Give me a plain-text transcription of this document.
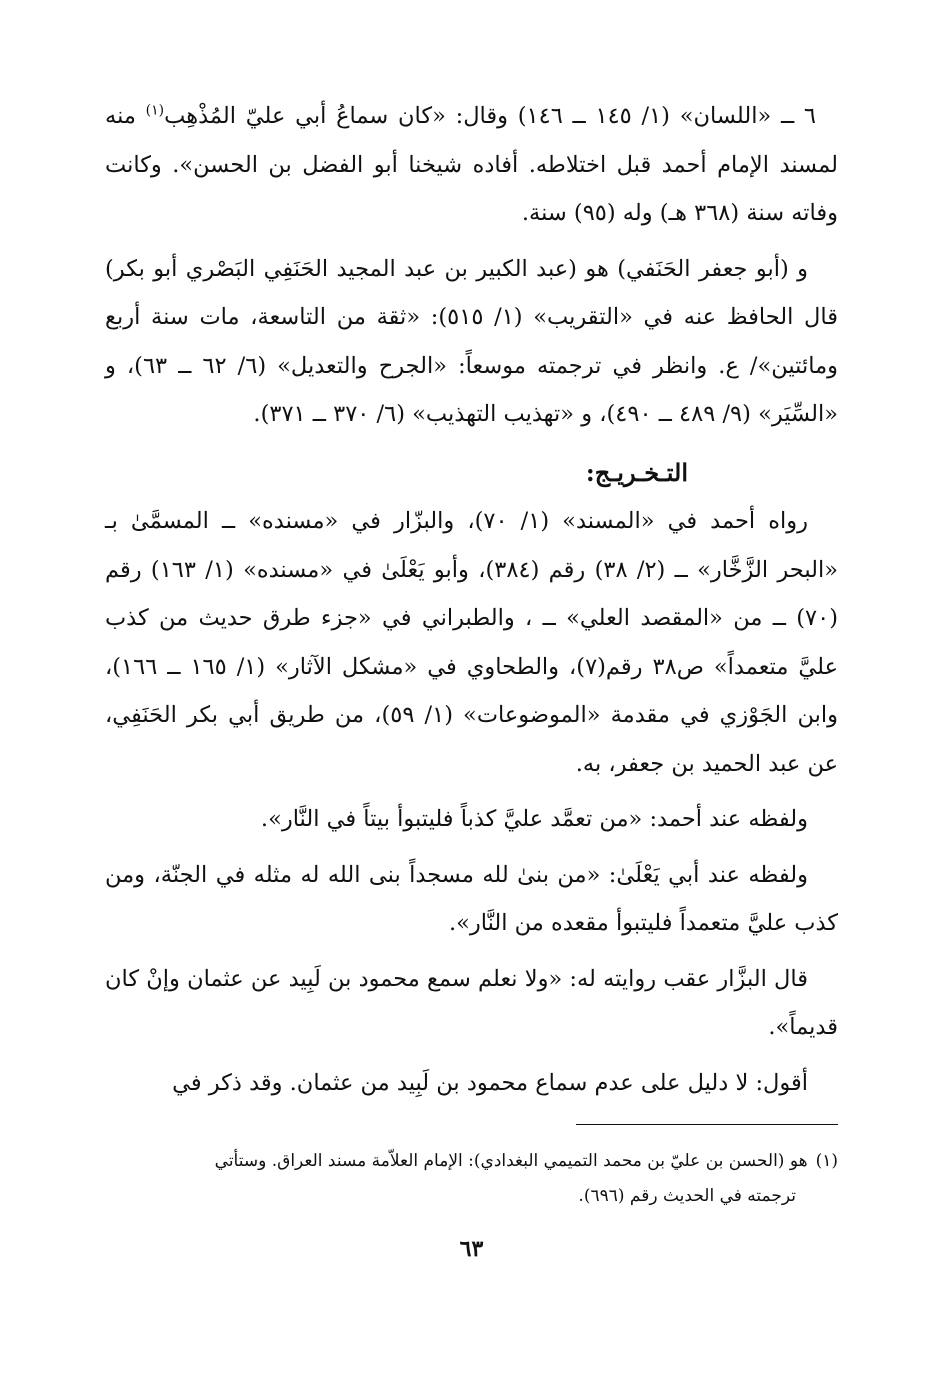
٦ ــ «اللسان» (١/ ١٤٥ ــ ١٤٦) وقال: «كان سماعُ أبي عليّ المُذْهِب$^{(١)}$ منه لمسند الإمام أحمد قبل اختلاطه. أفاده شيخنا أبو الفضل بن الحسن». وكانت وفاته سنة (٣٦٨ هـ) وله (٩٥) سنة.

و (أبو جعفر الحَنَفي) هو (عبد الكبير بن عبد المجيد الحَنَفِي البَصْري أبو بكر) قال الحافظ عنه في «التقريب» (١/ ٥١٥): «ثقة من التاسعة، مات سنة أربع ومائتين»/ ع. وانظر في ترجمته موسعاً: «الجرح والتعديل» (٦/ ٦٢ ــ ٦٣)، و «السِّيَر» (٩/ ٤٨٩ ــ ٤٩٠)، و «تهذيب التهذيب» (٦/ ٣٧٠ ــ ٣٧١).

التـخـريـج:

رواه أحمد في «المسند» (١/ ٧٠)، والبزّار في «مسنده» ــ المسمَّىٰ بـ «البحر الزَّخَّار» ــ (٢/ ٣٨) رقم (٣٨٤)، وأبو يَعْلَىٰ في «مسنده» (١/ ١٦٣) رقم (٧٠) ــ من «المقصد العلي» ــ ، والطبراني في «جزء طرق حديث من كذب عليَّ متعمداً» ص٣٨ رقم(٧)، والطحاوي في «مشكل الآثار» (١/ ١٦٥ ــ ١٦٦)، وابن الجَوْزي في مقدمة «الموضوعات» (١/ ٥٩)، من طريق أبي بكر الحَنَفِي، عن عبد الحميد بن جعفر، به.

ولفظه عند أحمد: «من تعمَّد عليَّ كذباً فليتبوأ بيتاً في النَّار».

ولفظه عند أبي يَعْلَىٰ: «من بنىٰ لله مسجداً بنى الله له مثله في الجنّة، ومن كذب عليَّ متعمداً فليتبوأ مقعده من النَّار».

قال البزَّار عقب روايته له: «ولا نعلم سمع محمود بن لَبِيد عن عثمان وإنْ كان قديماً».

أقول: لا دليل على عدم سماع محمود بن لَبِيد من عثمان. وقد ذكر في

(١)هو (الحسن بن عليّ بن محمد التميمي البغدادي): الإمام العلاّمة مسند العراق. وستأتي
ترجمته في الحديث رقم (٦٩٦).
٦٣
